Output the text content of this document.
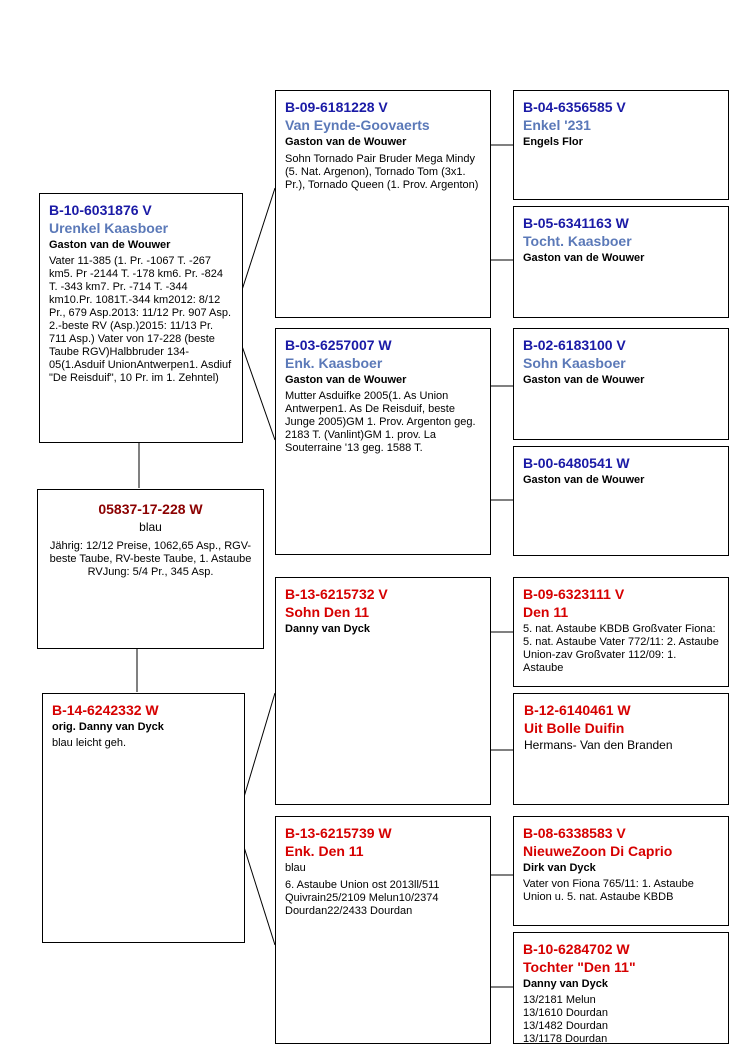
B-10-6031876 V
Urenkel Kaasboer
Gaston van de Wouwer
Vater 11-385 (1. Pr. -1067 T. -267 km5. Pr -2144 T. -178 km6. Pr. -824 T. -343 km7. Pr. -714 T. -344 km10.Pr. 1081T.-344 km2012: 8/12 Pr., 679 Asp.2013: 11/12 Pr. 907 Asp. 2.-beste RV (Asp.)2015: 11/13 Pr. 711 Asp.) Vater von 17-228 (beste Taube RGV)Halbbruder 134-05(1.Asduif UnionAntwerpen1. Asdiuf "De Reisduif", 10 Pr. im 1. Zehntel)
05837-17-228 W
blau
Jährig: 12/12 Preise, 1062,65 Asp., RGV-beste Taube, RV-beste Taube, 1. Astaube RVJung: 5/4 Pr., 345 Asp.
B-14-6242332 W
orig. Danny van Dyck
blau leicht geh.
B-09-6181228 V
Van Eynde-Goovaerts
Gaston van de Wouwer
Sohn Tornado Pair Bruder Mega Mindy (5. Nat. Argenon), Tornado Tom (3x1. Pr.), Tornado Queen (1. Prov. Argenton)
B-03-6257007 W
Enk. Kaasboer
Gaston van de Wouwer
Mutter Asduifke 2005(1. As Union Antwerpen1. As De Reisduif, beste Junge 2005)GM 1. Prov. Argenton geg. 2183 T. (Vanlint)GM 1. prov. La Souterraine '13 geg. 1588 T.
B-13-6215732 V
Sohn Den 11
Danny van Dyck
B-13-6215739 W
Enk. Den 11
blau
6. Astaube Union ost 2013ll/511 Quivrain25/2109 Melun10/2374 Dourdan22/2433 Dourdan
B-04-6356585 V
Enkel '231
Engels Flor
B-05-6341163 W
Tocht. Kaasboer
Gaston van de Wouwer
B-02-6183100 V
Sohn Kaasboer
Gaston van de Wouwer
B-00-6480541 W
Gaston van de Wouwer
B-09-6323111 V
Den 11
5. nat. Astaube KBDB Großvater Fiona: 5. nat. Astaube Vater 772/11: 2. Astaube Union-zav Großvater 112/09: 1. Astaube
B-12-6140461 W
Uit Bolle Duifin
Hermans- Van den Branden
B-08-6338583 V
NieuweZoon Di Caprio
Dirk van Dyck
Vater von Fiona 765/11: 1. Astaube Union u. 5. nat. Astaube KBDB
B-10-6284702 W
Tochter "Den 11"
Danny van Dyck
13/2181 Melun
13/1610 Dourdan
13/1482 Dourdan
13/1178 Dourdan
